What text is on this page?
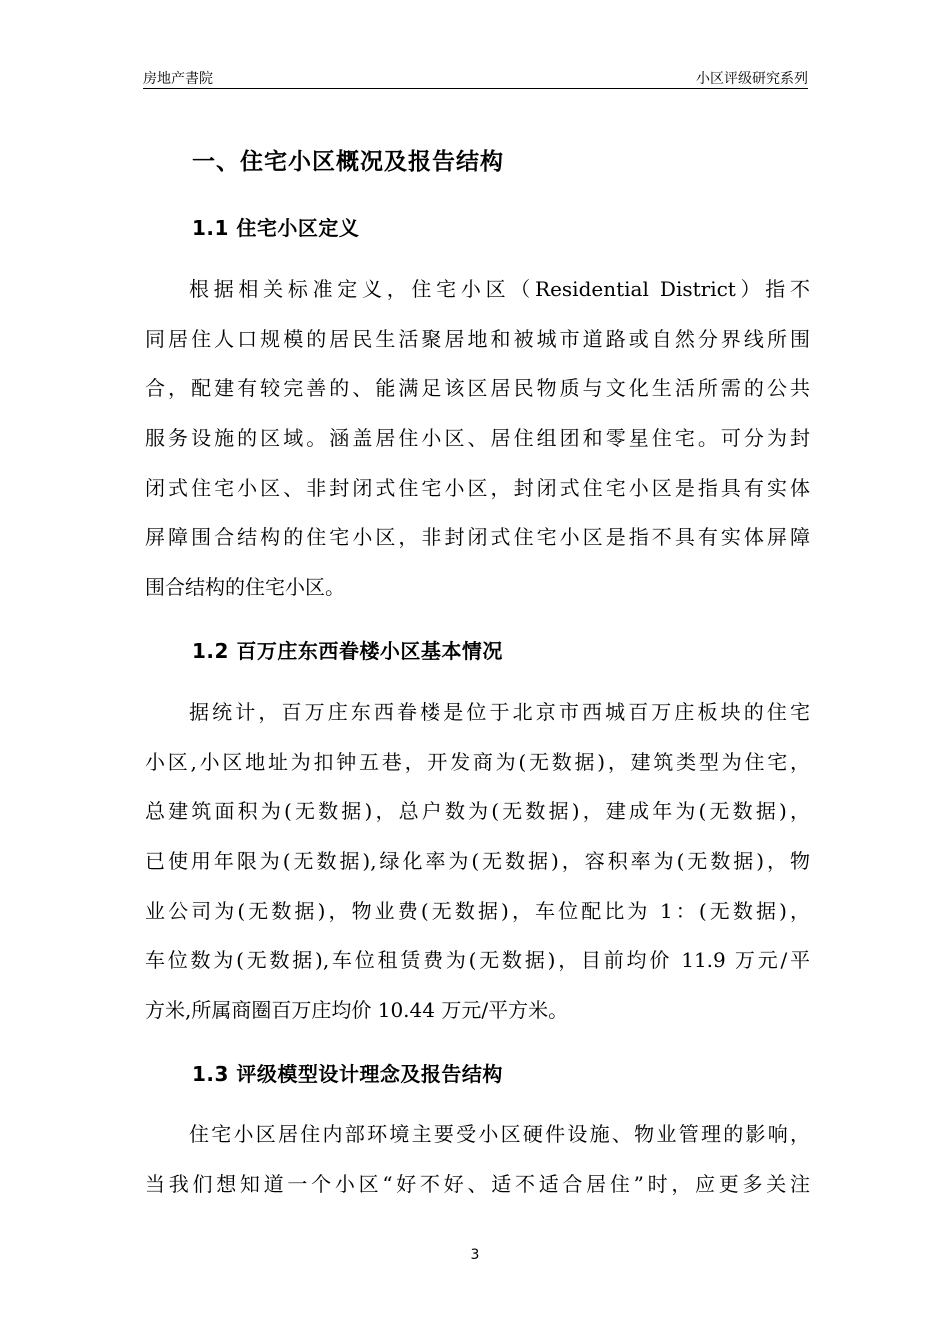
房地产書院	小区评级研究系列
一、住宅小区概况及报告结构
1.1 住宅小区定义

根据相关标准定义，住宅小区（Residential District）指不
同居住人口规模的居民生活聚居地和被城市道路或自然分界线所围
合，配建有较完善的、能满足该区居民物质与文化生活所需的公共
服务设施的区域。涵盖居住小区、居住组团和零星住宅。可分为封
闭式住宅小区、非封闭式住宅小区，封闭式住宅小区是指具有实体
屏障围合结构的住宅小区，非封闭式住宅小区是指不具有实体屏障
围合结构的住宅小区。

1.2 百万庄东西眷楼小区基本情况

据统计，百万庄东西眷楼是位于北京市西城百万庄板块的住宅
小区,小区地址为扣钟五巷，开发商为(无数据)，建筑类型为住宅，
总建筑面积为(无数据)，总户数为(无数据)，建成年为(无数据)，
已使用年限为(无数据),绿化率为(无数据)，容积率为(无数据)，物
业公司为(无数据)，物业费(无数据)，车位配比为 1：(无数据)，
车位数为(无数据),车位租赁费为(无数据)，目前均价 11.9 万元/平
方米,所属商圈百万庄均价 10.44 万元/平方米。

1.3 评级模型设计理念及报告结构

住宅小区居住内部环境主要受小区硬件设施、物业管理的影响，
当我们想知道一个小区“好不好、适不适合居住”时，应更多关注

3
